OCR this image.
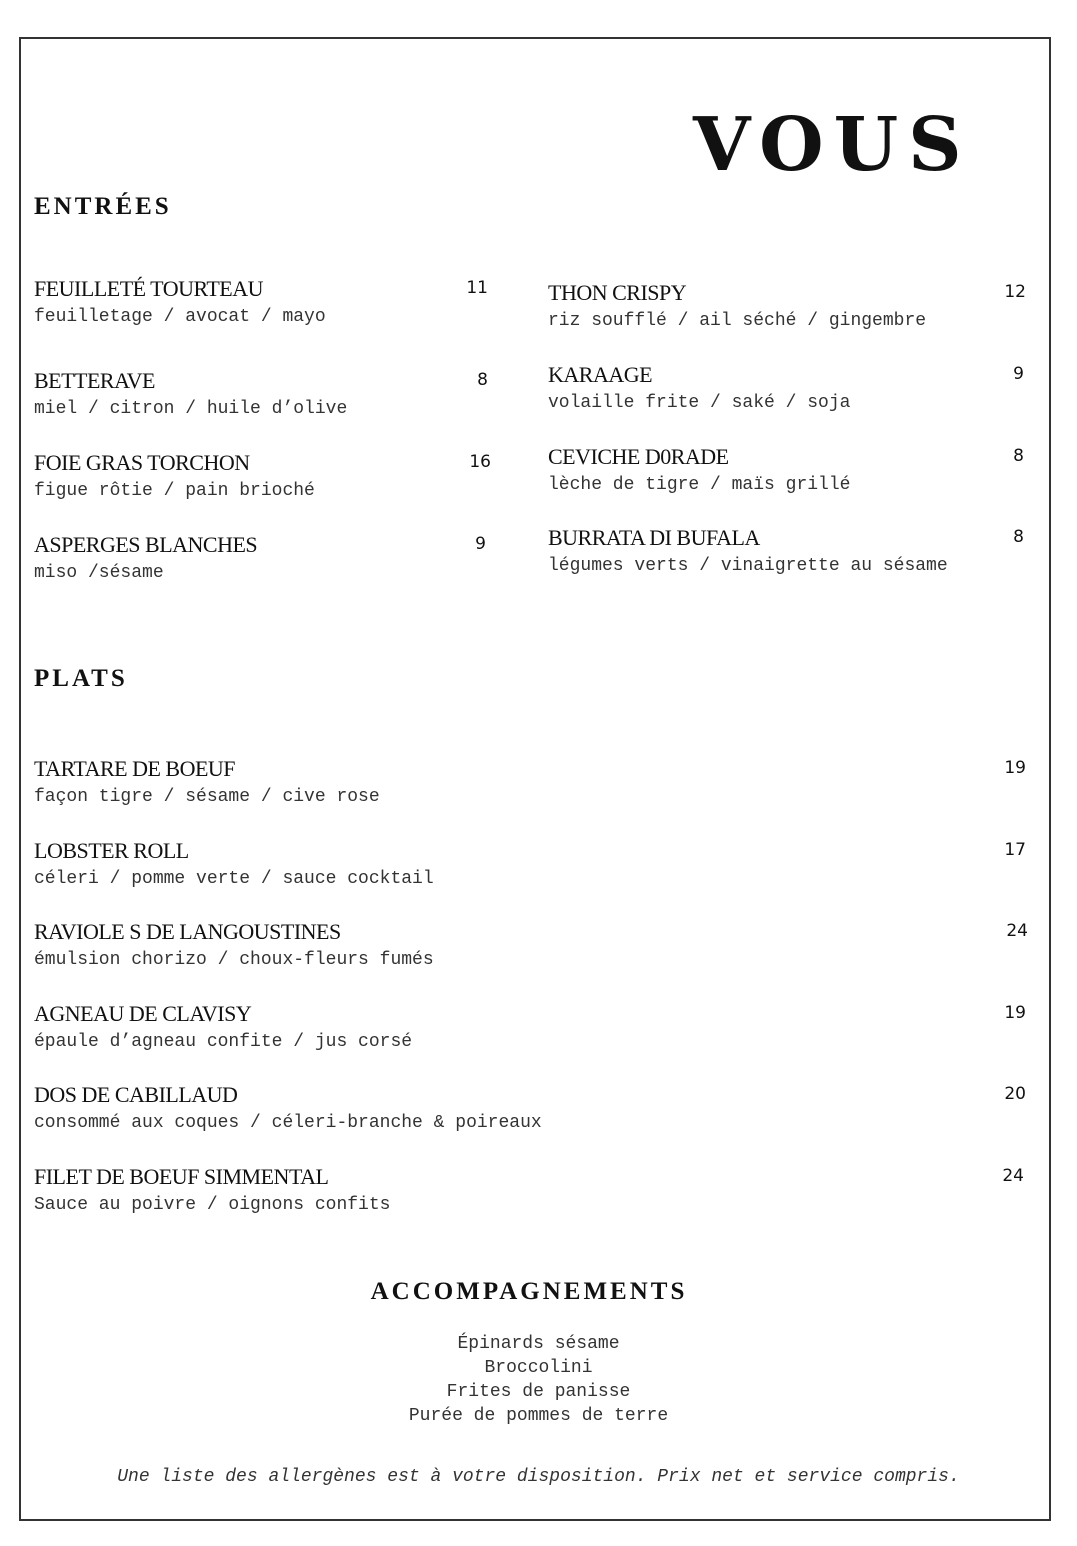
VOUS
ENTRÉES
FEUILLETÉ TOURTEAU
feuilletage / avocat / mayo
11
BETTERAVE
miel / citron / huile d’olive
8
FOIE GRAS TORCHON
figue rôtie / pain brioché
16
ASPERGES BLANCHES
miso /sésame
9
THON CRISPY
riz soufflé / ail séché / gingembre
12
KARAAGE
volaille frite / saké / soja
9
CEVICHE D0RADE
lèche de tigre / maïs grillé
8
BURRATA DI BUFALA
légumes verts / vinaigrette au sésame
8
PLATS
TARTARE DE BOEUF
façon tigre / sésame / cive rose
19
LOBSTER ROLL
céleri / pomme verte / sauce cocktail
17
RAVIOLE S DE LANGOUSTINES
émulsion chorizo / choux-fleurs fumés
24
AGNEAU DE CLAVISY
épaule d’agneau confite / jus corsé
19
DOS DE CABILLAUD
consommé aux coques / céleri-branche & poireaux
20
FILET DE BOEUF SIMMENTAL
Sauce au poivre / oignons confits
24
ACCOMPAGNEMENTS
Épinards sésame
Broccolini
Frites de panisse
Purée de pommes de terre
Une liste des allergènes est à votre disposition. Prix net et service compris.
